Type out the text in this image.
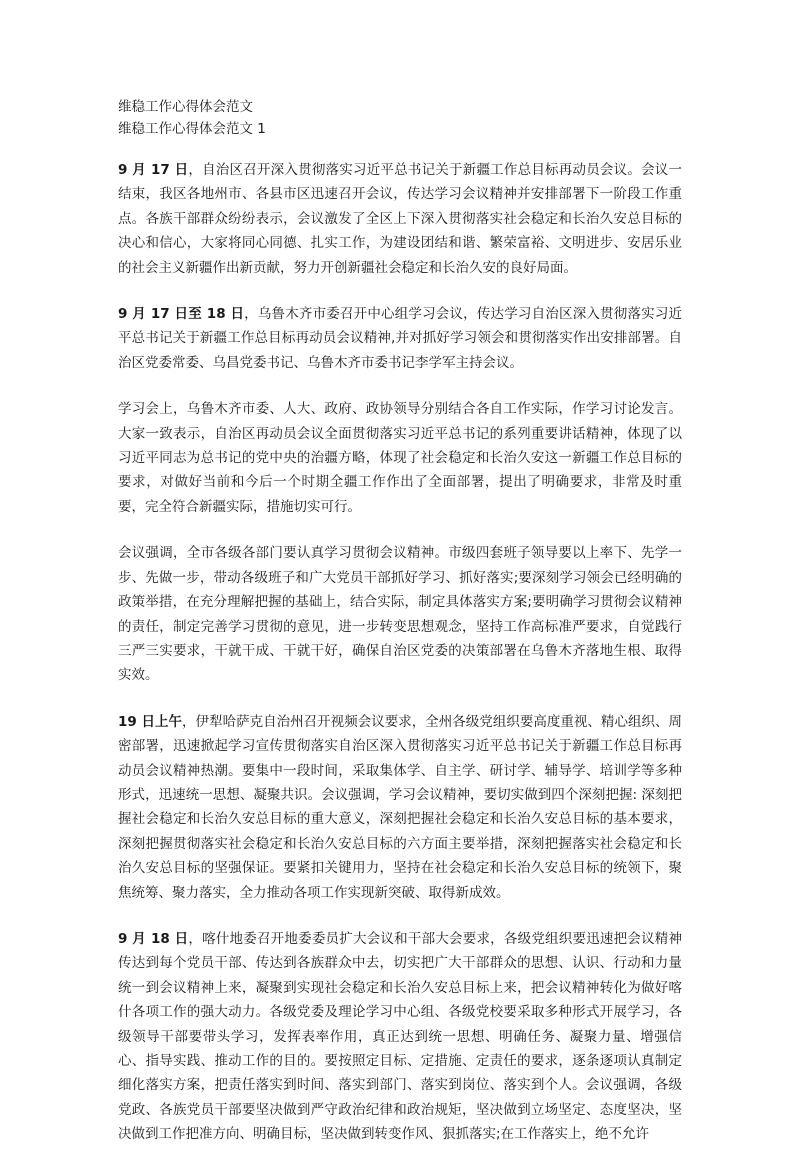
维稳工作心得体会范文

维稳工作心得体会范文 1

9 月 17 日，自治区召开深入贯彻落实习近平总书记关于新疆工作总目标再动员会议。会议一结束，我区各地州市、各县市区迅速召开会议，传达学习会议精神并安排部署下一阶段工作重点。各族干部群众纷纷表示，会议激发了全区上下深入贯彻落实社会稳定和长治久安总目标的决心和信心，大家将同心同德、扎实工作，为建设团结和谐、繁荣富裕、文明进步、安居乐业的社会主义新疆作出新贡献，努力开创新疆社会稳定和长治久安的良好局面。

9 月 17 日至 18 日，乌鲁木齐市委召开中心组学习会议，传达学习自治区深入贯彻落实习近平总书记关于新疆工作总目标再动员会议精神,并对抓好学习领会和贯彻落实作出安排部署。自治区党委常委、乌昌党委书记、乌鲁木齐市委书记李学军主持会议。

学习会上，乌鲁木齐市委、人大、政府、政协领导分别结合各自工作实际，作学习讨论发言。大家一致表示，自治区再动员会议全面贯彻落实习近平总书记的系列重要讲话精神，体现了以习近平同志为总书记的党中央的治疆方略，体现了社会稳定和长治久安这一新疆工作总目标的要求，对做好当前和今后一个时期全疆工作作出了全面部署，提出了明确要求，非常及时重要，完全符合新疆实际，措施切实可行。

会议强调，全市各级各部门要认真学习贯彻会议精神。市级四套班子领导要以上率下、先学一步、先做一步，带动各级班子和广大党员干部抓好学习、抓好落实;要深刻学习领会已经明确的政策举措，在充分理解把握的基础上，结合实际，制定具体落实方案;要明确学习贯彻会议精神的责任，制定完善学习贯彻的意见，进一步转变思想观念，坚持工作高标准严要求，自觉践行三严三实要求，干就干成、干就干好，确保自治区党委的决策部署在乌鲁木齐落地生根、取得实效。

19 日上午，伊犁哈萨克自治州召开视频会议要求，全州各级党组织要高度重视、精心组织、周密部署，迅速掀起学习宣传贯彻落实自治区深入贯彻落实习近平总书记关于新疆工作总目标再动员会议精神热潮。要集中一段时间，采取集体学、自主学、研讨学、辅导学、培训学等多种形式，迅速统一思想、凝聚共识。会议强调，学习会议精神，要切实做到四个深刻把握: 深刻把握社会稳定和长治久安总目标的重大意义，深刻把握社会稳定和长治久安总目标的基本要求，深刻把握贯彻落实社会稳定和长治久安总目标的六方面主要举措，深刻把握落实社会稳定和长治久安总目标的坚强保证。要紧扣关键用力，坚持在社会稳定和长治久安总目标的统领下，聚焦统筹、聚力落实，全力推动各项工作实现新突破、取得新成效。

9 月 18 日，喀什地委召开地委委员扩大会议和干部大会要求，各级党组织要迅速把会议精神传达到每个党员干部、传达到各族群众中去，切实把广大干部群众的思想、认识、行动和力量统一到会议精神上来，凝聚到实现社会稳定和长治久安总目标上来，把会议精神转化为做好喀什各项工作的强大动力。各级党委及理论学习中心组、各级党校要采取多种形式开展学习，各级领导干部要带头学习，发挥表率作用，真正达到统一思想、明确任务、凝聚力量、增强信心、指导实践、推动工作的目的。要按照定目标、定措施、定责任的要求，逐条逐项认真制定细化落实方案，把责任落实到时间、落实到部门、落实到岗位、落实到个人。会议强调，各级党政、各族党员干部要坚决做到严守政治纪律和政治规矩，坚决做到立场坚定、态度坚决，坚决做到工作把准方向、明确目标，坚决做到转变作风、狠抓落实;在工作落实上，绝不允许
